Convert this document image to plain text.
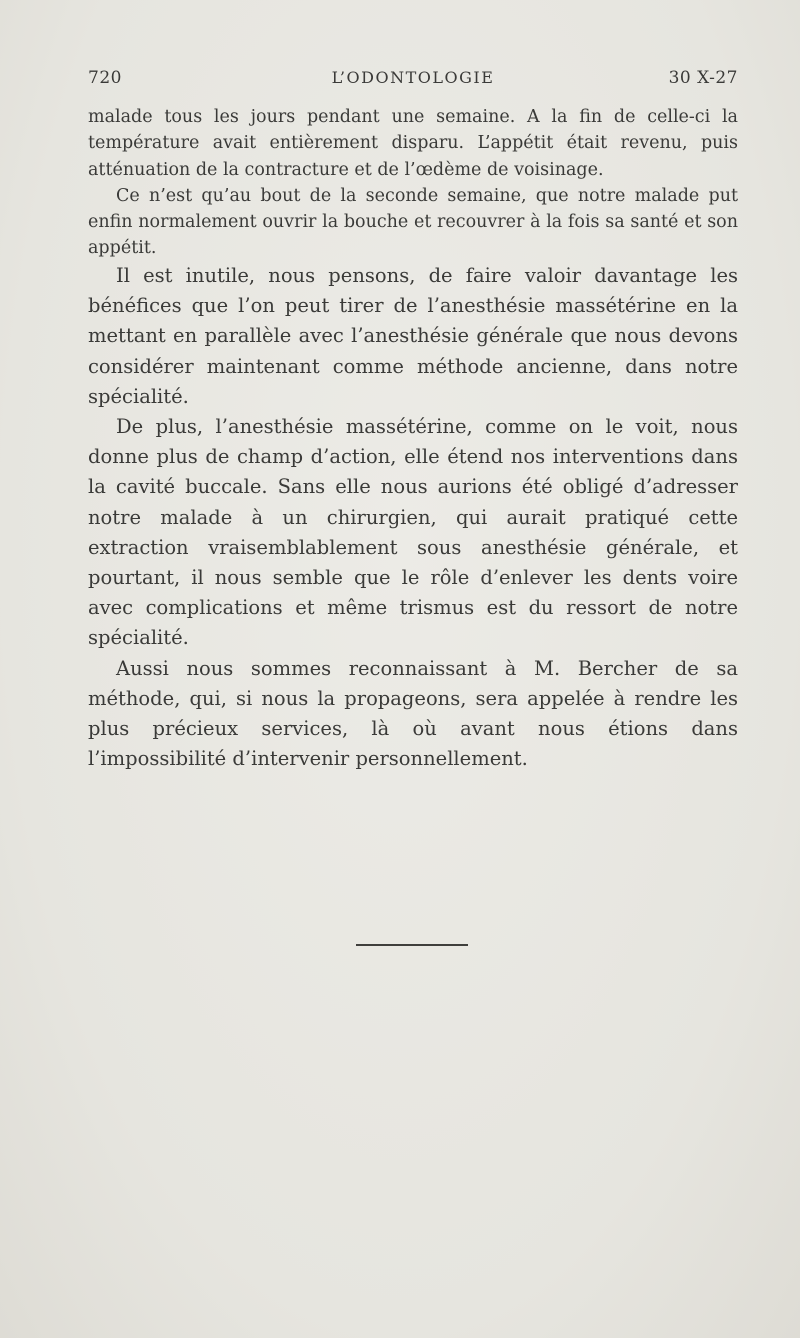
720	L’ODONTOLOGIE	30 X-27

malade tous les jours pendant une semaine. A la fin de celle-ci la température avait entièrement disparu. L’appétit était revenu, puis atténuation de la contracture et de l’œdème de voisinage.

Ce n’est qu’au bout de la seconde semaine, que notre malade put enfin normalement ouvrir la bouche et recouvrer à la fois sa santé et son appétit.

Il est inutile, nous pensons, de faire valoir davantage les bénéfices que l’on peut tirer de l’anesthésie massétérine en la mettant en parallèle avec l’anesthésie générale que nous devons considérer maintenant comme méthode ancienne, dans notre spécialité.

De plus, l’anesthésie massétérine, comme on le voit, nous donne plus de champ d’action, elle étend nos interventions dans la cavité buccale. Sans elle nous aurions été obligé d’adresser notre malade à un chirurgien, qui aurait pratiqué cette extraction vraisemblablement sous anesthésie générale, et pourtant, il nous semble que le rôle d’enlever les dents voire avec complications et même trismus est du ressort de notre spécialité.

Aussi nous sommes reconnaissant à M. Bercher de sa méthode, qui, si nous la propageons, sera appelée à rendre les plus précieux services, là où avant nous étions dans l’impossibilité d’intervenir personnellement.
